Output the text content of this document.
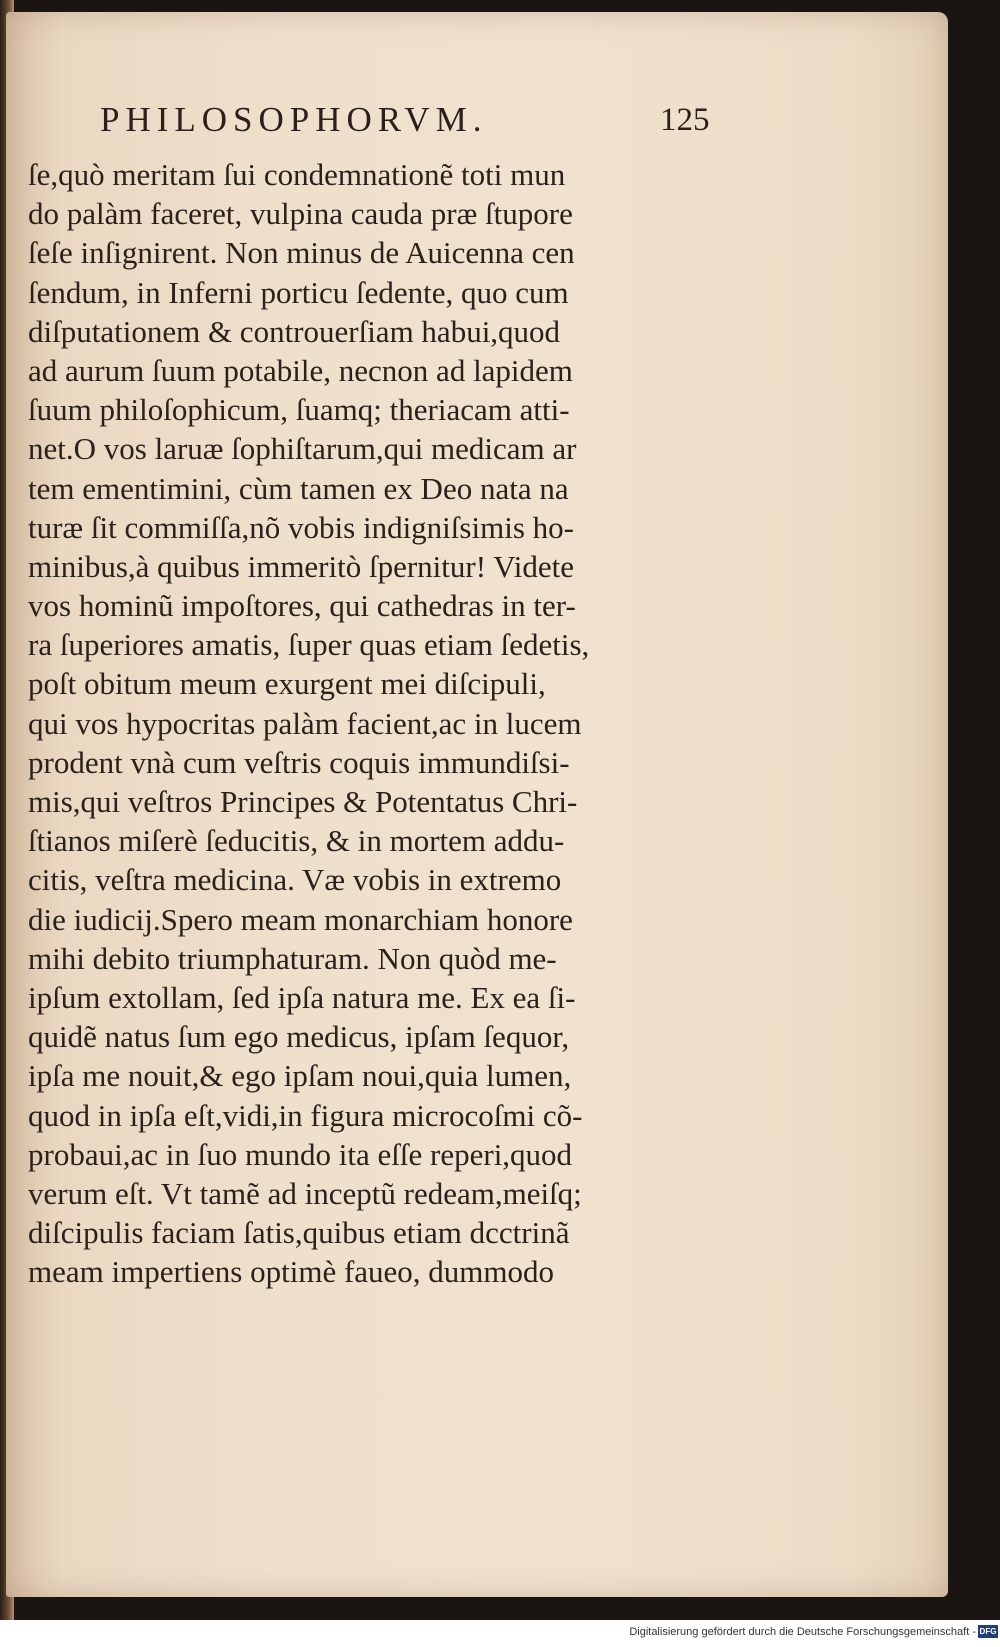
PHILOSOPHORVM.	125
ſe,quò meritam ſui condemnationẽ toti mun
do palàm faceret, vulpina cauda præ ſtupore
ſeſe inſignirent. Non minus de Auicenna cen
ſendum, in Inferni porticu ſedente, quo cum
diſputationem & controuerſiam habui,quod
ad aurum ſuum potabile, necnon ad lapidem
ſuum philoſophicum, ſuamq; theriacam atti-
net.O vos laruæ ſophiſtarum,qui medicam ar
tem ementimini, cùm tamen ex Deo nata na
turæ ſit commiſſa,nõ vobis indigniſsimis ho-
minibus,à quibus immeritò ſpernitur! Videte
vos hominũ impoſtores, qui cathedras in ter-
ra ſuperiores amatis, ſuper quas etiam ſedetis,
poſt obitum meum exurgent mei diſcipuli,
qui vos hypocritas palàm facient,ac in lucem
prodent vnà cum veſtris coquis immundiſsi-
mis,qui veſtros Principes & Potentatus Chri-
ſtianos miſerè ſeducitis, & in mortem addu-
citis, veſtra medicina. Væ vobis in extremo
die iudicij.Spero meam monarchiam honore
mihi debito triumphaturam. Non quòd me-
ipſum extollam, ſed ipſa natura me. Ex ea ſi-
quidẽ natus ſum ego medicus, ipſam ſequor,
ipſa me nouit,& ego ipſam noui,quia lumen,
quod in ipſa eſt,vidi,in figura microcoſmi cõ-
probaui,ac in ſuo mundo ita eſſe reperi,quod
verum eſt. Vt tamẽ ad inceptũ redeam,meiſq;
diſcipulis faciam ſatis,quibus etiam dcctrinã
meam impertiens optimè faueo, dummodo
Digitalisierung gefördert durch die Deutsche Forschungsgemeinschaft - DFG
